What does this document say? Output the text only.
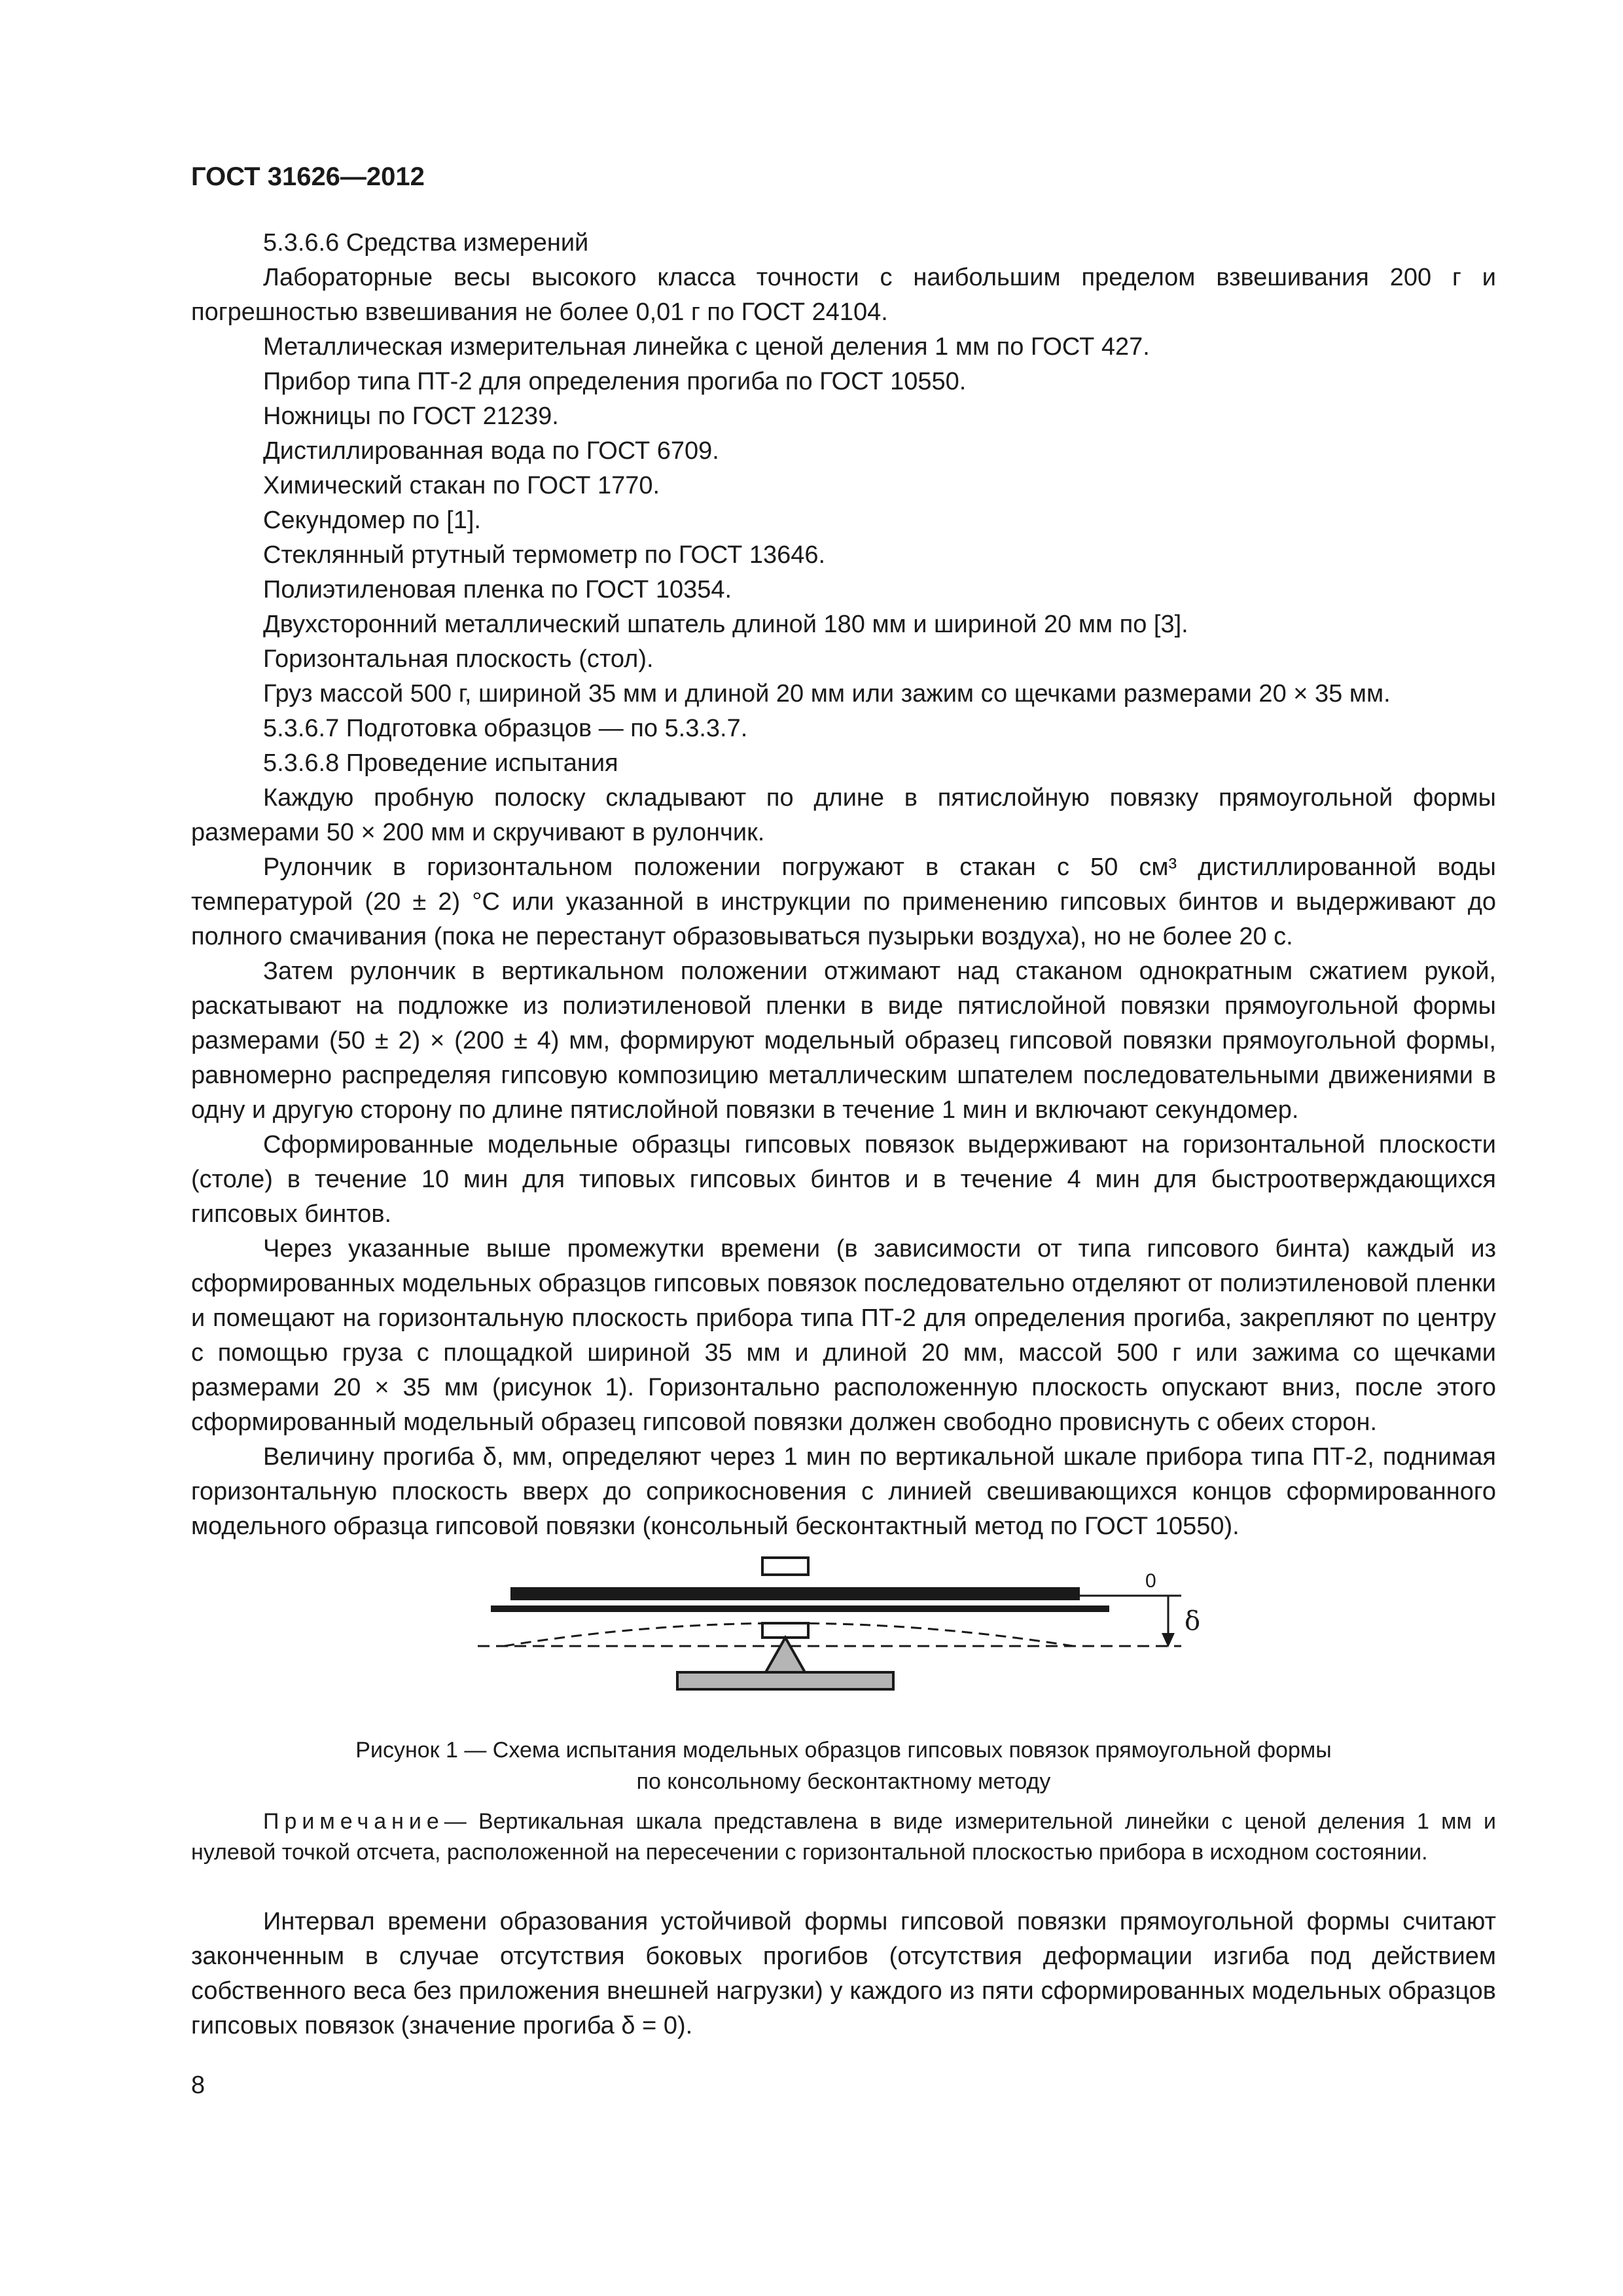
ГОСТ 31626—2012

5.3.6.6 Средства измерений

Лабораторные весы высокого класса точности с наибольшим пределом взвешивания 200 г и погрешностью взвешивания не более 0,01 г по ГОСТ 24104.

Металлическая измерительная линейка с ценой деления 1 мм по ГОСТ 427.

Прибор типа ПТ-2 для определения прогиба по ГОСТ 10550.

Ножницы по ГОСТ 21239.

Дистиллированная вода по ГОСТ 6709.

Химический стакан по ГОСТ 1770.

Секундомер по [1].

Стеклянный ртутный термометр по ГОСТ 13646.

Полиэтиленовая пленка по ГОСТ 10354.

Двухсторонний металлический шпатель длиной 180 мм и шириной 20 мм по [3].

Горизонтальная плоскость (стол).

Груз массой 500 г, шириной 35 мм и длиной 20 мм или зажим со щечками размерами 20 × 35 мм.

5.3.6.7 Подготовка образцов — по 5.3.3.7.

5.3.6.8 Проведение испытания

Каждую пробную полоску складывают по длине в пятислойную повязку прямоугольной формы размерами 50 × 200 мм и скручивают в рулончик.

Рулончик в горизонтальном положении погружают в стакан с 50 см³ дистиллированной воды температурой (20 ± 2) °С или указанной в инструкции по применению гипсовых бинтов и выдерживают до полного смачивания (пока не перестанут образовываться пузырьки воздуха), но не более 20 с.

Затем рулончик в вертикальном положении отжимают над стаканом однократным сжатием рукой, раскатывают на подложке из полиэтиленовой пленки в виде пятислойной повязки прямоугольной формы размерами (50 ± 2) × (200 ± 4) мм, формируют модельный образец гипсовой повязки прямоугольной формы, равномерно распределяя гипсовую композицию металлическим шпателем последовательными движениями в одну и другую сторону по длине пятислойной повязки в течение 1 мин и включают секундомер.

Сформированные модельные образцы гипсовых повязок выдерживают на горизонтальной плоскости (столе) в течение 10 мин для типовых гипсовых бинтов и в течение 4 мин для быстроотверждающихся гипсовых бинтов.

Через указанные выше промежутки времени (в зависимости от типа гипсового бинта) каждый из сформированных модельных образцов гипсовых повязок последовательно отделяют от полиэтиленовой пленки и помещают на горизонтальную плоскость прибора типа ПТ-2 для определения прогиба, закрепляют по центру с помощью груза с площадкой шириной 35 мм и длиной 20 мм, массой 500 г или зажима со щечками размерами 20 × 35 мм (рисунок 1). Горизонтально расположенную плоскость опускают вниз, после этого сформированный модельный образец гипсовой повязки должен свободно провиснуть с обеих сторон.

Величину прогиба δ, мм, определяют через 1 мин по вертикальной шкале прибора типа ПТ-2, поднимая горизонтальную плоскость вверх до соприкосновения с линией свешивающихся концов сформированного модельного образца гипсовой повязки (консольный бесконтактный метод по ГОСТ 10550).

0
δ
Рисунок 1 — Схема испытания модельных образцов гипсовых повязок прямоугольной формы
по консольному бесконтактному методу

Примечание— Вертикальная шкала представлена в виде измерительной линейки с ценой деления 1 мм и нулевой точкой отсчета, расположенной на пересечении с горизонтальной плоскостью прибора в исходном состоянии.

Интервал времени образования устойчивой формы гипсовой повязки прямоугольной формы считают законченным в случае отсутствия боковых прогибов (отсутствия деформации изгиба под действием собственного веса без приложения внешней нагрузки) у каждого из пяти сформированных модельных образцов гипсовых повязок (значение прогиба δ = 0).

8
